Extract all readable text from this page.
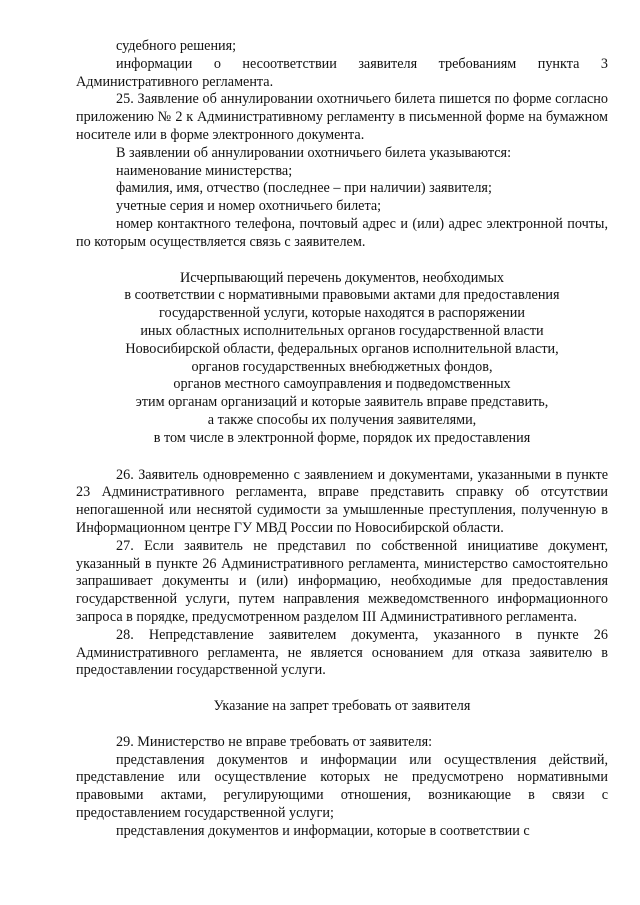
судебного решения;

информации о несоответствии заявителя требованиям пункта 3 Административного регламента.

25. Заявление об аннулировании охотничьего билета пишется по форме согласно приложению № 2 к Административному регламенту в письменной форме на бумажном носителе или в форме электронного документа.

В заявлении об аннулировании охотничьего билета указываются:

наименование министерства;

фамилия, имя, отчество (последнее – при наличии) заявителя;

учетные серия и номер охотничьего билета;

номер контактного телефона, почтовый адрес и (или) адрес электронной почты, по которым осуществляется связь с заявителем.

Исчерпывающий перечень документов, необходимых
в соответствии с нормативными правовыми актами для предоставления
государственной услуги, которые находятся в распоряжении
иных областных исполнительных органов государственной власти
Новосибирской области, федеральных органов исполнительной власти,
органов государственных внебюджетных фондов,
органов местного самоуправления и подведомственных
этим органам организаций и которые заявитель вправе представить,
а также способы их получения заявителями,
в том числе в электронной форме, порядок их предоставления

26. Заявитель одновременно с заявлением и документами, указанными в пункте 23 Административного регламента, вправе представить справку об отсутствии непогашенной или неснятой судимости за умышленные преступления, полученную в Информационном центре ГУ МВД России по Новосибирской области.

27. Если заявитель не представил по собственной инициативе документ, указанный в пункте 26 Административного регламента, министерство самостоятельно запрашивает документы и (или) информацию, необходимые для предоставления государственной услуги, путем направления межведомственного информационного запроса в порядке, предусмотренном разделом III Административного регламента.

28. Непредставление заявителем документа, указанного в пункте 26 Административного регламента, не является основанием для отказа заявителю в предоставлении государственной услуги.

Указание на запрет требовать от заявителя

29. Министерство не вправе требовать от заявителя:

представления документов и информации или осуществления действий, представление или осуществление которых не предусмотрено нормативными правовыми актами, регулирующими отношения, возникающие в связи с предоставлением государственной услуги;

представления документов и информации, которые в соответствии с
